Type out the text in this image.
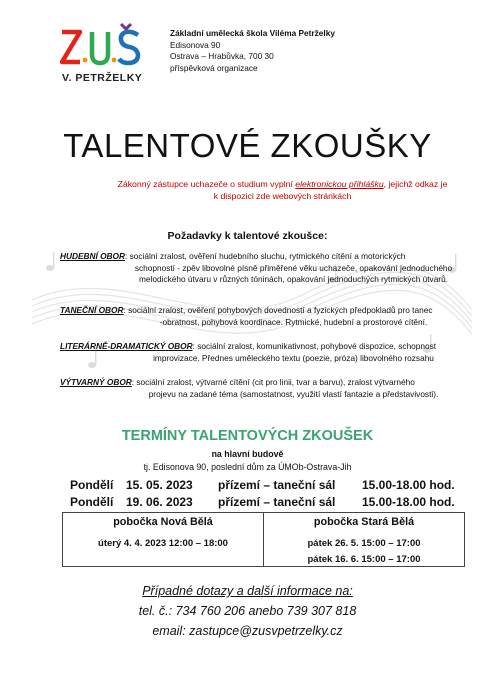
V. PETRŽELKY
Základní umělecká škola Viléma Petrželky
Edisonova 90
Ostrava – Hrabůvka, 700 30
příspěvková organizace
TALENTOVÉ ZKOUŠKY
Zákonný zástupce uchazeče o studium vyplní elektronickou přihlášku, jejichž odkaz je
k dispozici zde webových stránkách
Požadavky k talentové zkoušce:
HUDEBNÍ OBOR: sociální zralost, ověření hudebního sluchu, rytmického cítění a motorických
schopností - zpěv libovolné písně přiměřené věku uchazeče, opakování jednoduchého
melodického útvaru v různých tóninách, opakování jednoduchých rytmických útvarů.
TANEČNÍ OBOR: sociální zralost, ověření pohybových dovedností a fyzických předpokladů pro tanec
-obratnost, pohybová koordinace. Rytmické, hudební a prostorové cítění.
LITERÁRNĚ-DRAMATICKÝ OBOR: sociální zralost, komunikativnost, pohybové dispozice, schopnost
improvizace. Přednes uměleckého textu (poezie, próza) libovolného rozsahu
VÝTVARNÝ OBOR: sociální zralost, výtvarné cítění (cit pro linii, tvar a barvu), zralost výtvarného
projevu na zadané téma (samostatnost, využití vlastí fantazie a představivosti).
TERMÍNY TALENTOVÝCH ZKOUŠEK
na hlavní budově
tj. Edisonova 90, poslední dům za ÚMOb-Ostrava-Jih
Pondělí 15. 05. 2023 přízemí – taneční sál 15.00-18.00 hod.
Pondělí 19. 06. 2023 přízemí – taneční sál 15.00-18.00 hod.
pobočka Nová Bělá
úterý 4. 4. 2023 12:00 – 18:00
pobočka Stará Bělá
pátek 26. 5. 15:00 – 17:00
pátek 16. 6. 15:00 – 17:00
Případné dotazy a další informace na:
tel. č.: 734 760 206 anebo 739 307 818
email: zastupce@zusvpetrzelky.cz
